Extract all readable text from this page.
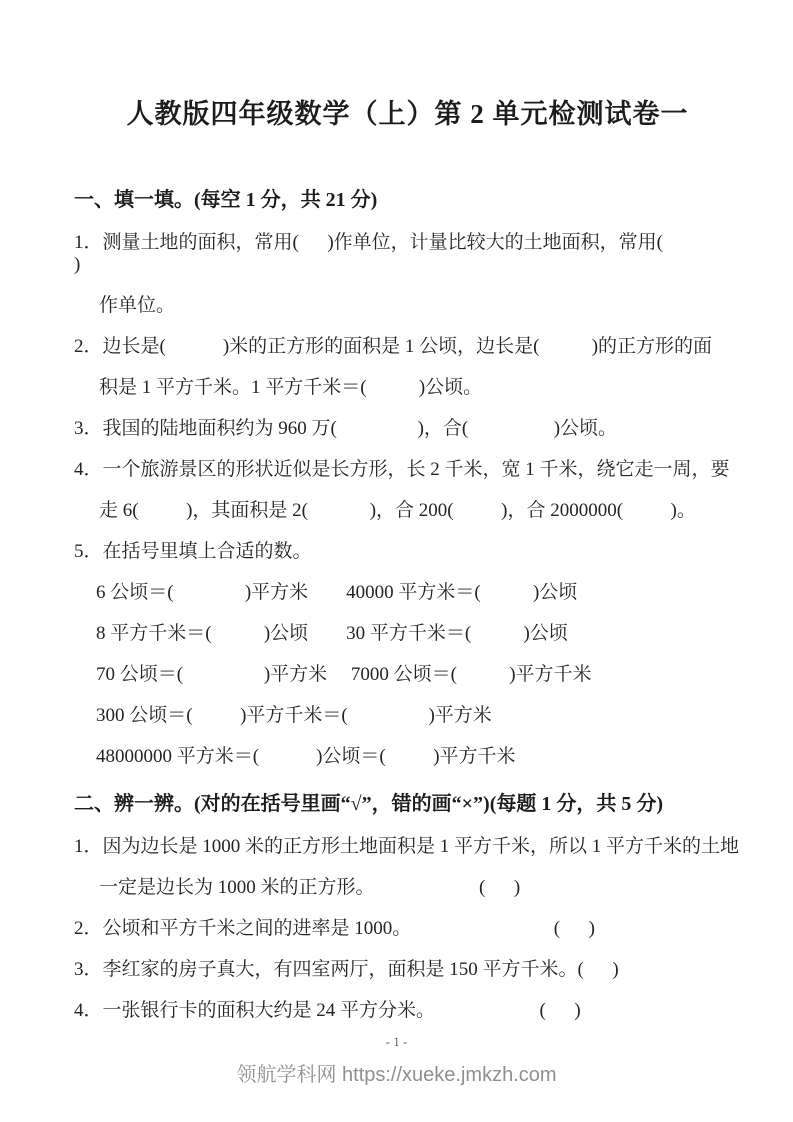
人教版四年级数学（上）第 2 单元检测试卷一
一、填一填。(每空 1 分，共 21 分)

1．测量土地的面积，常用(      )作单位，计量比较大的土地面积，常用(                )

作单位。

2．边长是(            )米的正方形的面积是 1 公顷，边长是(           )的正方形的面

积是 1 平方千米。1 平方千米＝(           )公顷。

3．我国的陆地面积约为 960 万(                 )，合(                  )公顷。

4．一个旅游景区的形状近似是长方形，长 2 千米，宽 1 千米，绕它走一周，要

走 6(          )，其面积是 2(             )，合 200(          )，合 2000000(          )。

5．在括号里填上合适的数。

6 公顷＝(               )平方米        40000 平方米＝(           )公顷

8 平方千米＝(           )公顷        30 平方千米＝(           )公顷

70 公顷＝(                 )平方米     7000 公顷＝(           )平方千米

300 公顷＝(          )平方千米＝(                 )平方米

48000000 平方米＝(            )公顷＝(          )平方千米

二、辨一辨。(对的在括号里画“√”，错的画“×”)(每题 1 分，共 5 分)

1．因为边长是 1000 米的正方形土地面积是 1 平方千米，所以 1 平方千米的土地

一定是边长为 1000 米的正方形。                      (      )

2．公顷和平方千米之间的进率是 1000。                              (      )

3．李红家的房子真大，有四室两厅，面积是 150 平方千米。(      )

4．一张银行卡的面积大约是 24 平方分米。                      (      )

- 1 -
领航学科网 https://xueke.jmkzh.com
